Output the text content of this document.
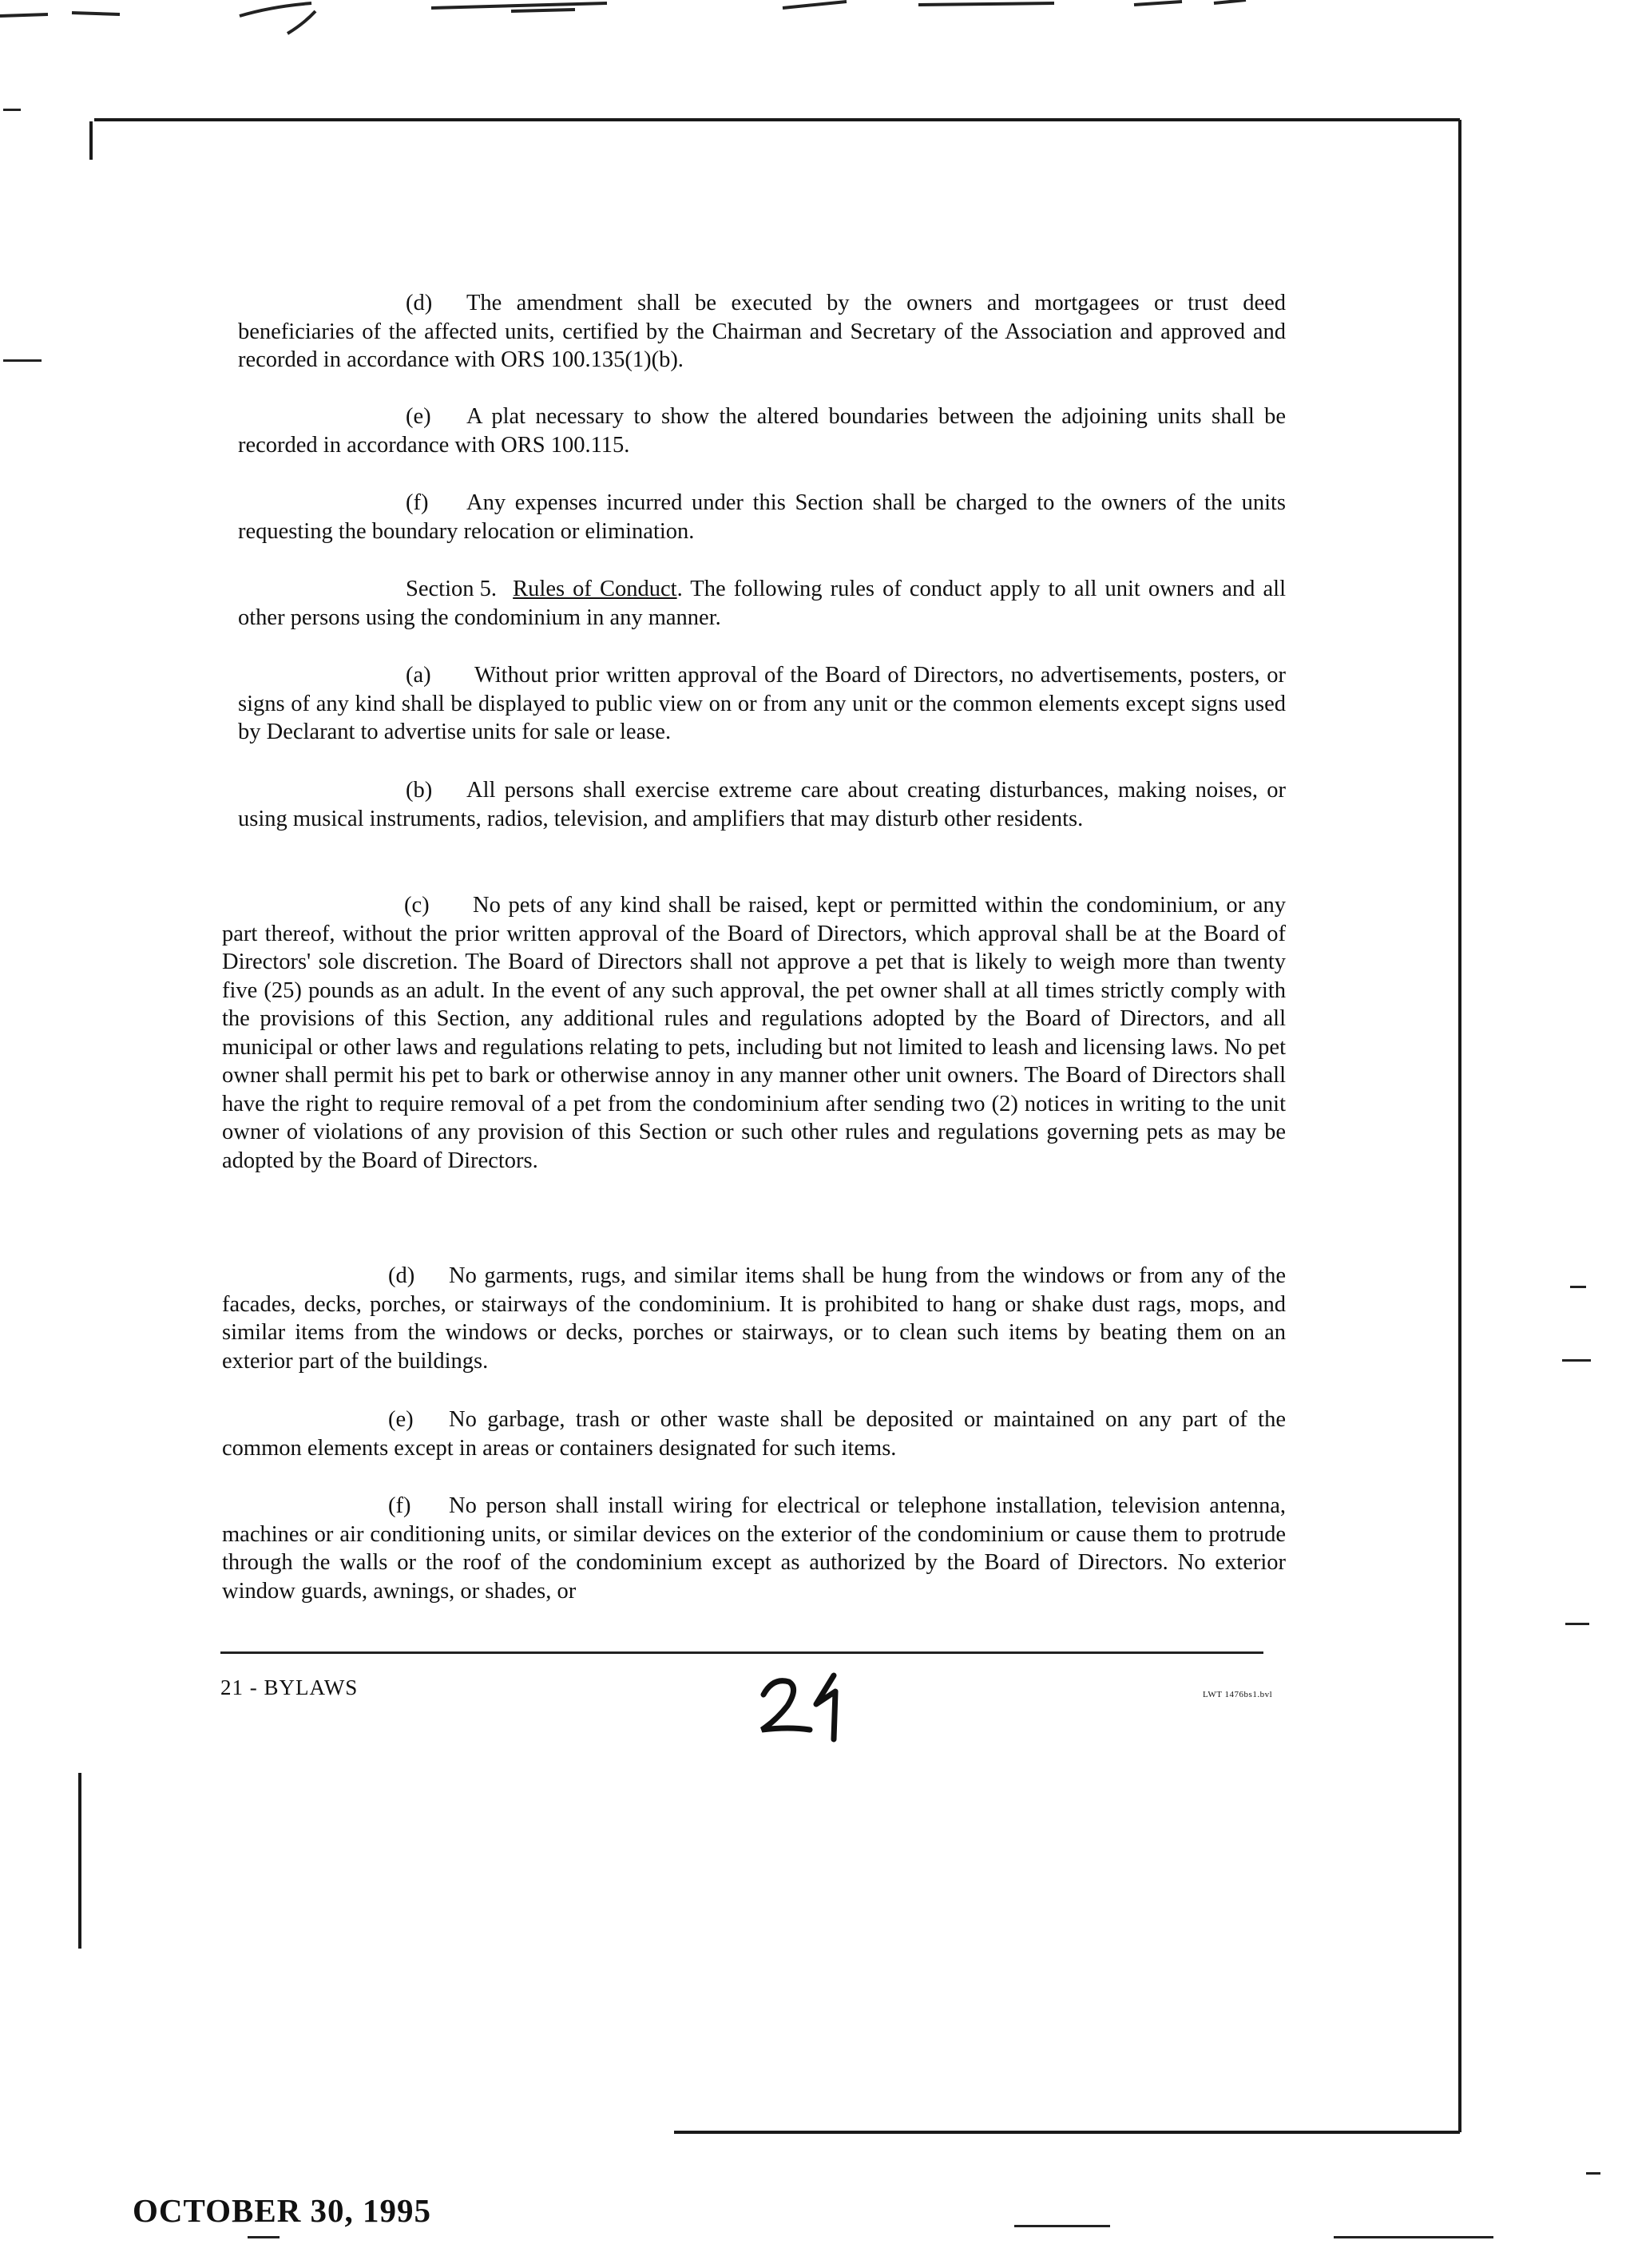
(d) The amendment shall be executed by the owners and mortgagees or trust deed beneficiaries of the affected units, certified by the Chairman and Secretary of the Association and approved and recorded in accordance with ORS 100.135(1)(b).

(e) A plat necessary to show the altered boundaries between the adjoining units shall be recorded in accordance with ORS 100.115.

(f) Any expenses incurred under this Section shall be charged to the owners of the units requesting the boundary relocation or elimination.

Section 5. Rules of Conduct. The following rules of conduct apply to all unit owners and all other persons using the condominium in any manner.

(a) Without prior written approval of the Board of Directors, no advertisements, posters, or signs of any kind shall be displayed to public view on or from any unit or the common elements except signs used by Declarant to advertise units for sale or lease.

(b) All persons shall exercise extreme care about creating disturbances, making noises, or using musical instruments, radios, television, and amplifiers that may disturb other residents.

(c) No pets of any kind shall be raised, kept or permitted within the condominium, or any part thereof, without the prior written approval of the Board of Directors, which approval shall be at the Board of Directors' sole discretion. The Board of Directors shall not approve a pet that is likely to weigh more than twenty five (25) pounds as an adult. In the event of any such approval, the pet owner shall at all times strictly comply with the provisions of this Section, any additional rules and regulations adopted by the Board of Directors, and all municipal or other laws and regulations relating to pets, including but not limited to leash and licensing laws. No pet owner shall permit his pet to bark or otherwise annoy in any manner other unit owners. The Board of Directors shall have the right to require removal of a pet from the condominium after sending two (2) notices in writing to the unit owner of violations of any provision of this Section or such other rules and regulations governing pets as may be adopted by the Board of Directors.

(d) No garments, rugs, and similar items shall be hung from the windows or from any of the facades, decks, porches, or stairways of the condominium. It is prohibited to hang or shake dust rags, mops, and similar items from the windows or decks, porches or stairways, or to clean such items by beating them on an exterior part of the buildings.

(e) No garbage, trash or other waste shall be deposited or maintained on any part of the common elements except in areas or containers designated for such items.

(f) No person shall install wiring for electrical or telephone installation, television antenna, machines or air conditioning units, or similar devices on the exterior of the condominium or cause them to protrude through the walls or the roof of the condominium except as authorized by the Board of Directors. No exterior window guards, awnings, or shades, or

21 - BYLAWS	LWT 1476bs1.bvl
OCTOBER 30, 1995
